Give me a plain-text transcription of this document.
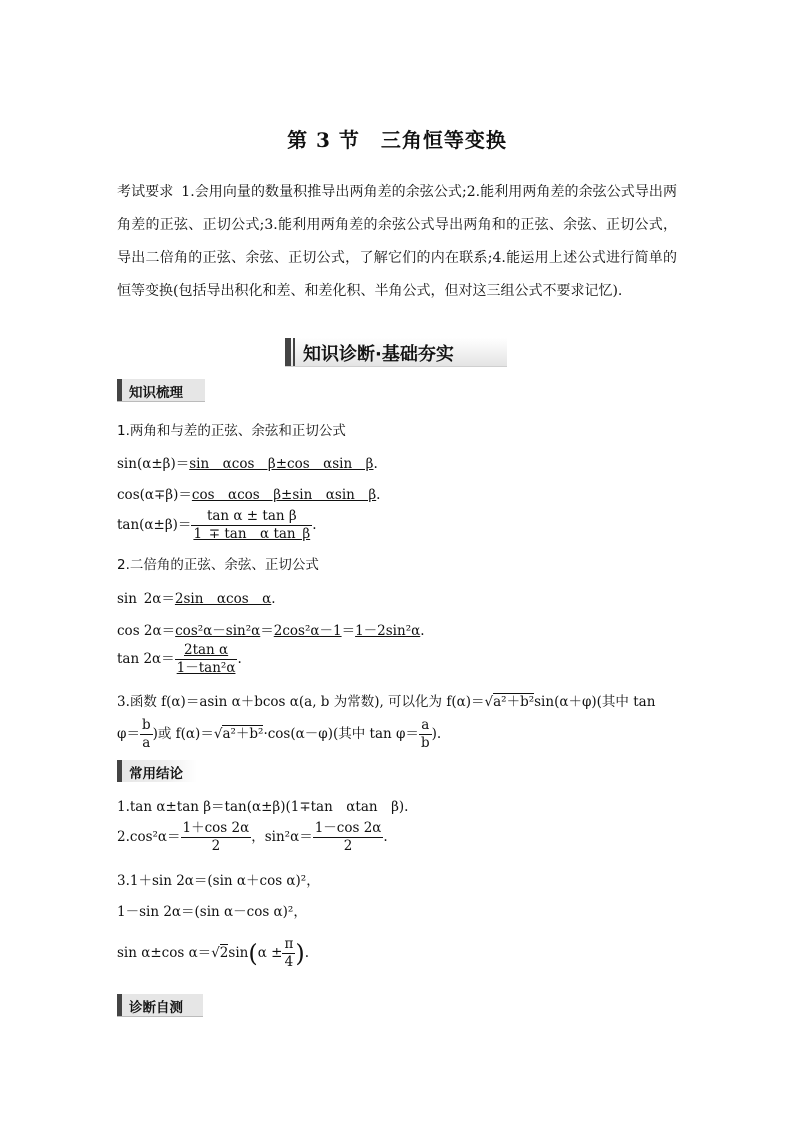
第 3 节　三角恒等变换
考试要求 1.会用向量的数量积推导出两角差的余弦公式;2.能利用两角差的余弦公式导出两角差的正弦、正切公式;3.能利用两角差的余弦公式导出两角和的正弦、余弦、正切公式，导出二倍角的正弦、余弦、正切公式，了解它们的内在联系;4.能运用上述公式进行简单的恒等变换(包括导出积化和差、和差化积、半角公式，但对这三组公式不要求记忆).
知识诊断·基础夯实
知识梳理
1.两角和与差的正弦、余弦和正切公式
sin(α±β)＝sin  αcos  β±cos  αsin  β.
cos(α∓β)＝cos  αcos  β±sin  αsin  β.
$\tan(\alpha\pm\beta)= \frac{\text{tan α ± tan β}}{\text{1 ∓ tan  α tan β}}$ .
2.二倍角的正弦、余弦、正切公式
sin 2α＝2sin  αcos  α.
cos 2α＝cos²α－sin²α＝2cos²α－1＝1－2sin²α.
$\tan 2\alpha= \frac{\text{2tan α}}{\text{1－tan²α}}$ .
3.函数 f(α)＝asin α＋bcos α(a, b 为常数), 可以化为 f(α)＝√a²＋b²sin(α＋φ)(其中 tan
$\varphi= \frac{b}{a}$ )或 f(α)＝√a²＋b²·cos(α－φ)(其中 $\tan \varphi= \frac{a}{b}$ ).
常用结论
1.tan α±tan β＝tan(α±β)(1∓tan  αtan  β).
$2.\cos^2\alpha= \frac{1+\cos 2\alpha}{2}$ ，$\sin^2\alpha= \frac{1-\cos 2\alpha}{2}$ .
3.1＋sin 2α＝(sin α＋cos α)²，
1－sin 2α＝(sin α－cos α)²，
sin α±cos $\alpha=√2\sin(\alpha \pm \frac{\pi}{4}$ ).
诊断自测
